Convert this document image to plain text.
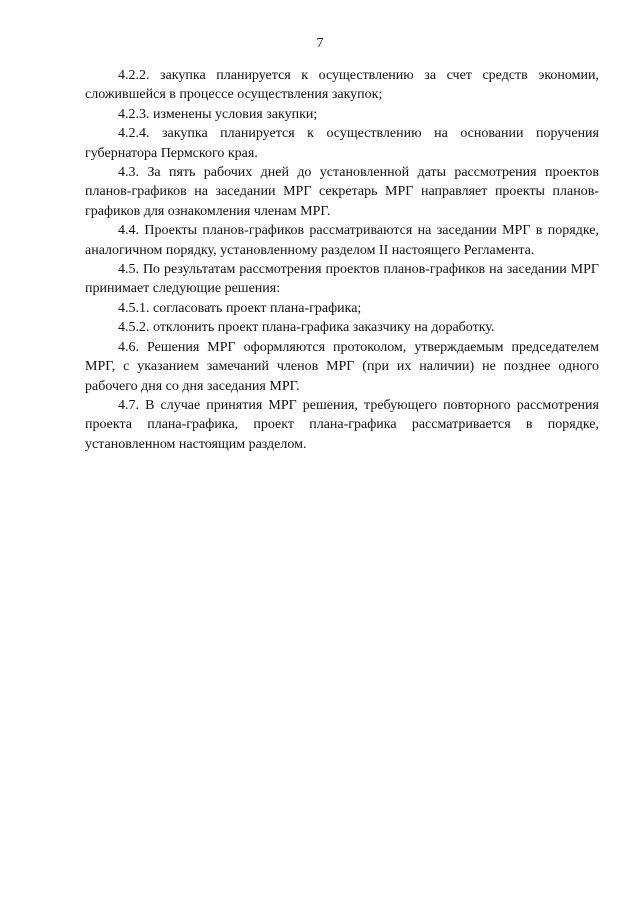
7

4.2.2. закупка планируется к осуществлению за счет средств экономии, сложившейся в процессе осуществления закупок;

4.2.3. изменены условия закупки;

4.2.4. закупка планируется к осуществлению на основании поручения губернатора Пермского края.

4.3. За пять рабочих дней до установленной даты рассмотрения проектов планов-графиков на заседании МРГ секретарь МРГ направляет проекты планов-графиков для ознакомления членам МРГ.

4.4. Проекты планов-графиков рассматриваются на заседании МРГ в порядке, аналогичном порядку, установленному разделом II настоящего Регламента.

4.5. По результатам рассмотрения проектов планов-графиков на заседании МРГ принимает следующие решения:

4.5.1. согласовать проект плана-графика;

4.5.2. отклонить проект плана-графика заказчику на доработку.

4.6. Решения МРГ оформляются протоколом, утверждаемым председателем МРГ, с указанием замечаний членов МРГ (при их наличии) не позднее одного рабочего дня со дня заседания МРГ.

4.7. В случае принятия МРГ решения, требующего повторного рассмотрения проекта плана-графика, проект плана-графика рассматривается в порядке, установленном настоящим разделом.
